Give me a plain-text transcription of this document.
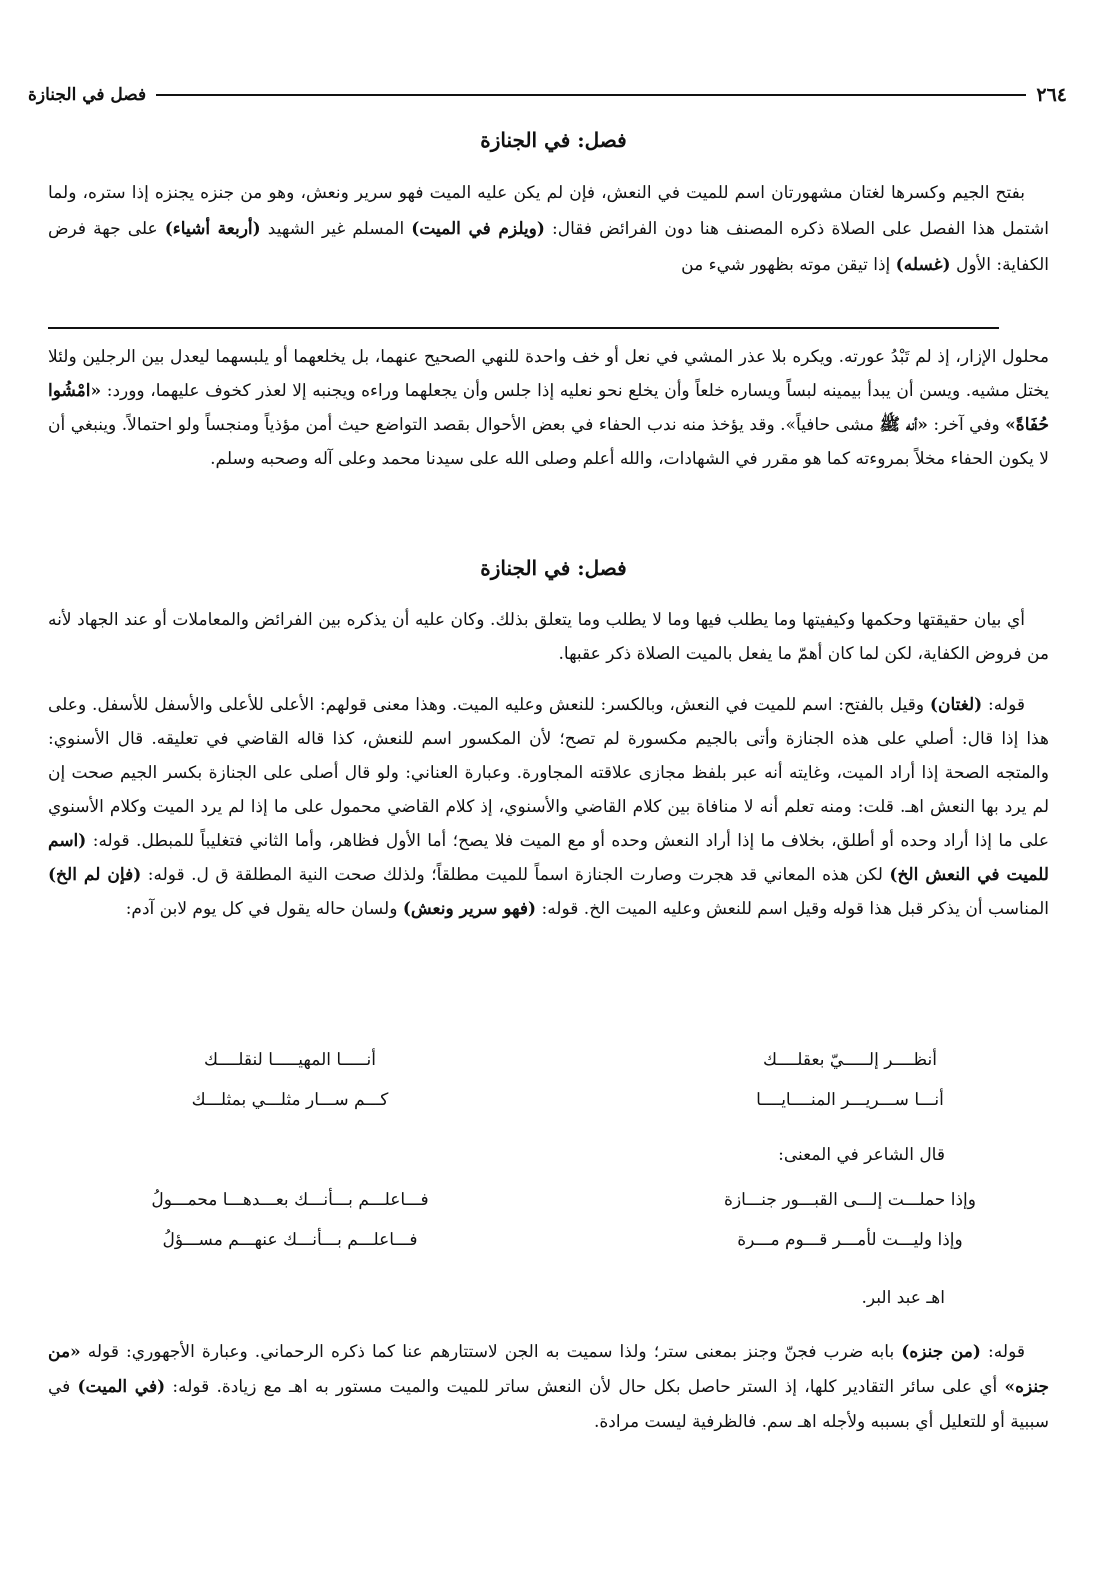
٢٦٤
فصل في الجنازة
فصل: في الجنازة

بفتح الجيم وكسرها لغتان مشهورتان اسم للميت في النعش، فإن لم يكن عليه الميت فهو سرير ونعش، وهو من جنزه يجنزه إذا ستره، ولما اشتمل هذا الفصل على الصلاة ذكره المصنف هنا دون الفرائض فقال: (ويلزم في الميت) المسلم غير الشهيد (أربعة أشياء) على جهة فرض الكفاية: الأول (غسله) إذا تيقن موته بظهور شيء من

محلول الإزار، إذ لم تَبْدُ عورته. ويكره بلا عذر المشي في نعل أو خف واحدة للنهي الصحيح عنهما، بل يخلعهما أو يلبسهما ليعدل بين الرجلين ولئلا يختل مشيه. ويسن أن يبدأ بيمينه لبساً ويساره خلعاً وأن يخلع نحو نعليه إذا جلس وأن يجعلهما وراءه ويجنبه إلا لعذر كخوف عليهما، وورد: «امْشُوا حُفَاةً» وفي آخر: «أنه ﷺ مشى حافياً». وقد يؤخذ منه ندب الحفاء في بعض الأحوال بقصد التواضع حيث أمن مؤذياً ومنجساً ولو احتمالاً. وينبغي أن لا يكون الحفاء مخلاً بمروءته كما هو مقرر في الشهادات، والله أعلم وصلى الله على سيدنا محمد وعلى آله وصحبه وسلم.

فصل: في الجنازة

أي بيان حقيقتها وحكمها وكيفيتها وما يطلب فيها وما لا يطلب وما يتعلق بذلك. وكان عليه أن يذكره بين الفرائض والمعاملات أو عند الجهاد لأنه من فروض الكفاية، لكن لما كان أهمّ ما يفعل بالميت الصلاة ذكر عقبها.

قوله: (لغتان) وقيل بالفتح: اسم للميت في النعش، وبالكسر: للنعش وعليه الميت. وهذا معنى قولهم: الأعلى للأعلى والأسفل للأسفل. وعلى هذا إذا قال: أصلي على هذه الجنازة وأتى بالجيم مكسورة لم تصح؛ لأن المكسور اسم للنعش، كذا قاله القاضي في تعليقه. قال الأسنوي: والمتجه الصحة إذا أراد الميت، وغايته أنه عبر بلفظ مجازى علاقته المجاورة. وعبارة العناني: ولو قال أصلى على الجنازة بكسر الجيم صحت إن لم يرد بها النعش اهـ. قلت: ومنه تعلم أنه لا منافاة بين كلام القاضي والأسنوي، إذ كلام القاضي محمول على ما إذا لم يرد الميت وكلام الأسنوي على ما إذا أراد وحده أو أطلق، بخلاف ما إذا أراد النعش وحده أو مع الميت فلا يصح؛ أما الأول فظاهر، وأما الثاني فتغليباً للمبطل. قوله: (اسم للميت في النعش الخ) لكن هذه المعاني قد هجرت وصارت الجنازة اسماً للميت مطلقاً؛ ولذلك صحت النية المطلقة ق ل. قوله: (فإن لم الخ) المناسب أن يذكر قبل هذا قوله وقيل اسم للنعش وعليه الميت الخ. قوله: (فهو سرير ونعش) ولسان حاله يقول في كل يوم لابن آدم:

أنظــــر إلـــــيّ بعقلــــك
أنـــــا المهيـــــا لنقلــــك
أنـــا ســـريـــر المنــــايــــا
كـــم ســـار مثلـــي بمثلـــك
قال الشاعر في المعنى:
وإذا حملـــت إلـــى القبـــور جنـــازة
فـــاعلـــم بـــأنـــك بعـــدهـــا محمـــولُ
وإذا وليـــت لأمـــر قـــوم مـــرة
فـــاعلـــم بـــأنـــك عنهـــم مســـؤلُ
اهـ عبد البر.

قوله: (من جنزه) بابه ضرب فجنّ وجنز بمعنى ستر؛ ولذا سميت به الجن لاستتارهم عنا كما ذكره الرحماني. وعبارة الأجهوري: قوله «من جنزه» أي على سائر التقادير كلها، إذ الستر حاصل بكل حال لأن النعش ساتر للميت والميت مستور به اهـ مع زيادة. قوله: (في الميت) في سببية أو للتعليل أي بسببه ولأجله اهـ سم. فالظرفية ليست مرادة.
